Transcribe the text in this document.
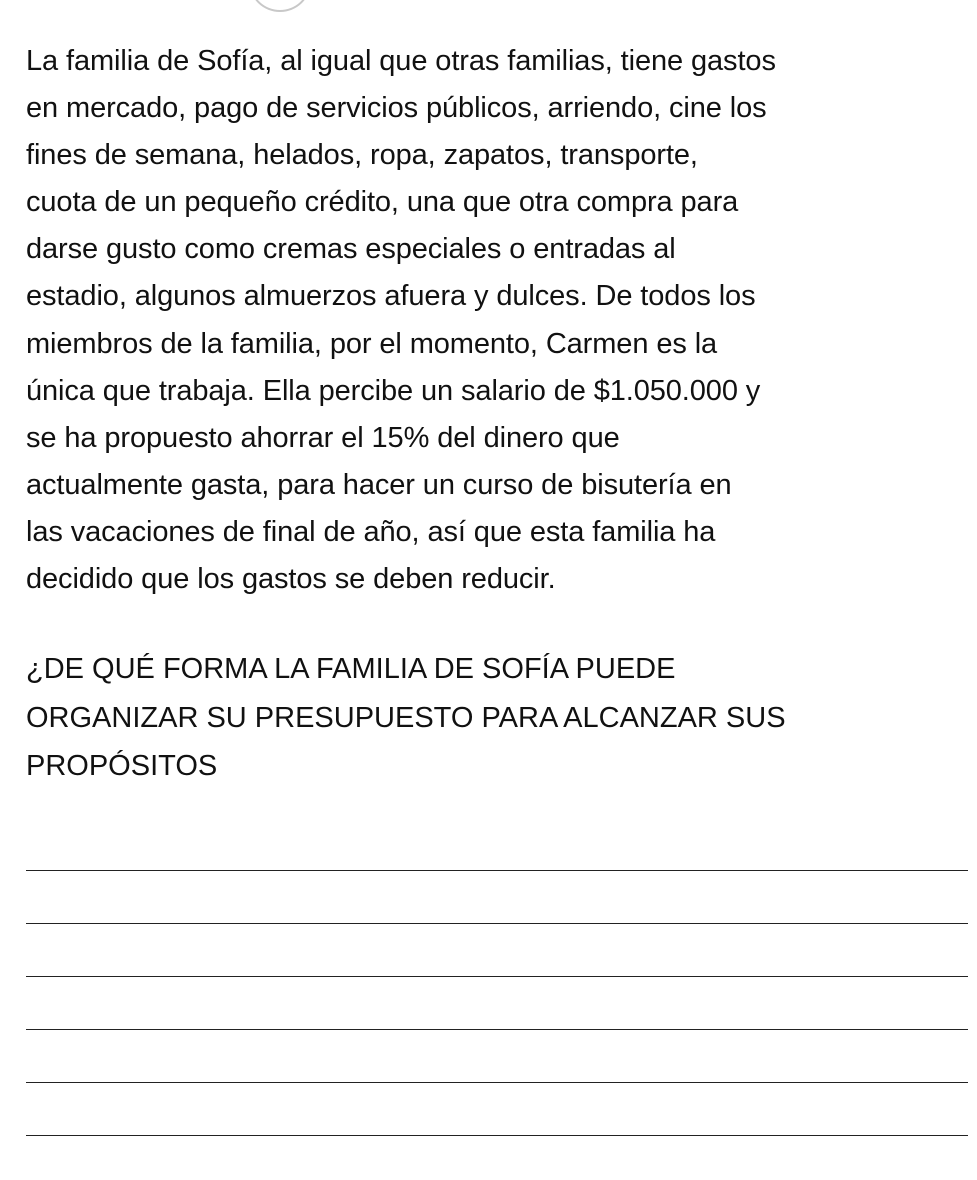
La familia de Sofía, al igual que otras familias, tiene gastos
en mercado, pago de servicios públicos, arriendo, cine los
fines de semana, helados, ropa, zapatos, transporte,
cuota de un pequeño crédito, una que otra compra para
darse gusto como cremas especiales o entradas al
estadio, algunos almuerzos afuera y dulces. De todos los
miembros de la familia, por el momento, Carmen es la
única que trabaja. Ella percibe un salario de $1.050.000 y
se ha propuesto ahorrar el 15% del dinero que
actualmente gasta, para hacer un curso de bisutería en
las vacaciones de final de año, así que esta familia ha
decidido que los gastos se deben reducir.

¿DE QUÉ FORMA LA FAMILIA DE SOFÍA PUEDE
ORGANIZAR SU PRESUPUESTO PARA ALCANZAR SUS
PROPÓSITOS
